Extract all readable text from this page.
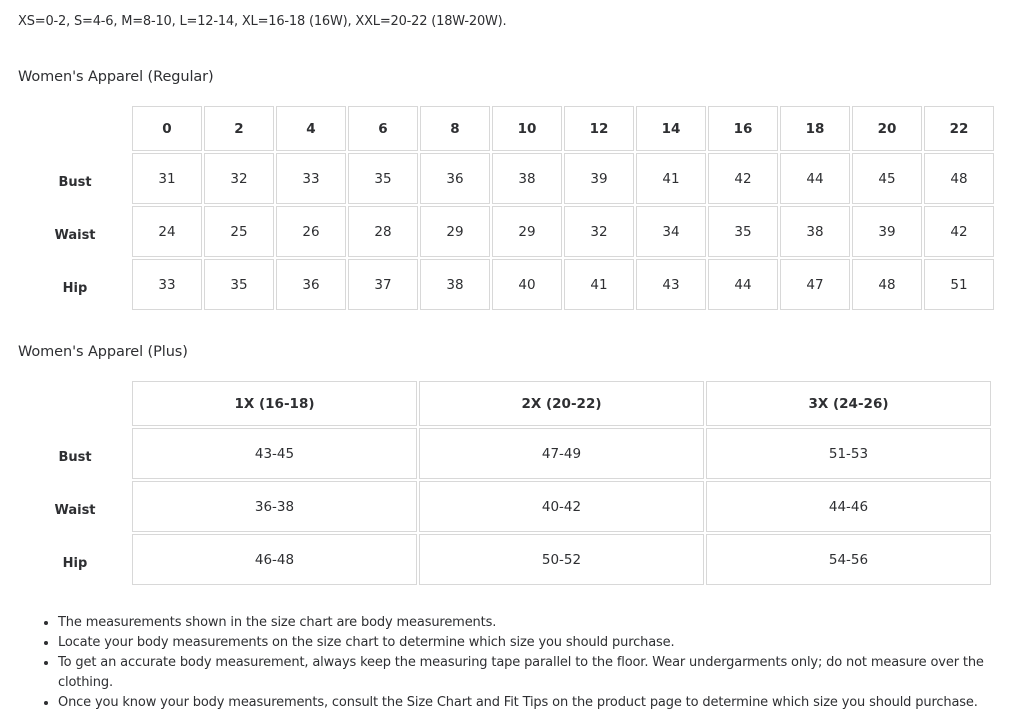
XS=0-2, S=4-6, M=8-10, L=12-14, XL=16-18 (16W), XXL=20-22 (18W-20W).
Women's Apparel (Regular)
	0	2	4	6	8	10	12	14	16	18	20	22
Bust	31	32	33	35	36	38	39	41	42	44	45	48
Waist	24	25	26	28	29	29	32	34	35	38	39	42
Hip	33	35	36	37	38	40	41	43	44	47	48	51
Women's Apparel (Plus)
	1X (16-18)	2X (20-22)	3X (24-26)
Bust	43-45	47-49	51-53
Waist	36-38	40-42	44-46
Hip	46-48	50-52	54-56
• The measurements shown in the size chart are body measurements.
• Locate your body measurements on the size chart to determine which size you should purchase.
• To get an accurate body measurement, always keep the measuring tape parallel to the floor. Wear undergarments only; do not measure over the clothing.
• Once you know your body measurements, consult the Size Chart and Fit Tips on the product page to determine which size you should purchase.
